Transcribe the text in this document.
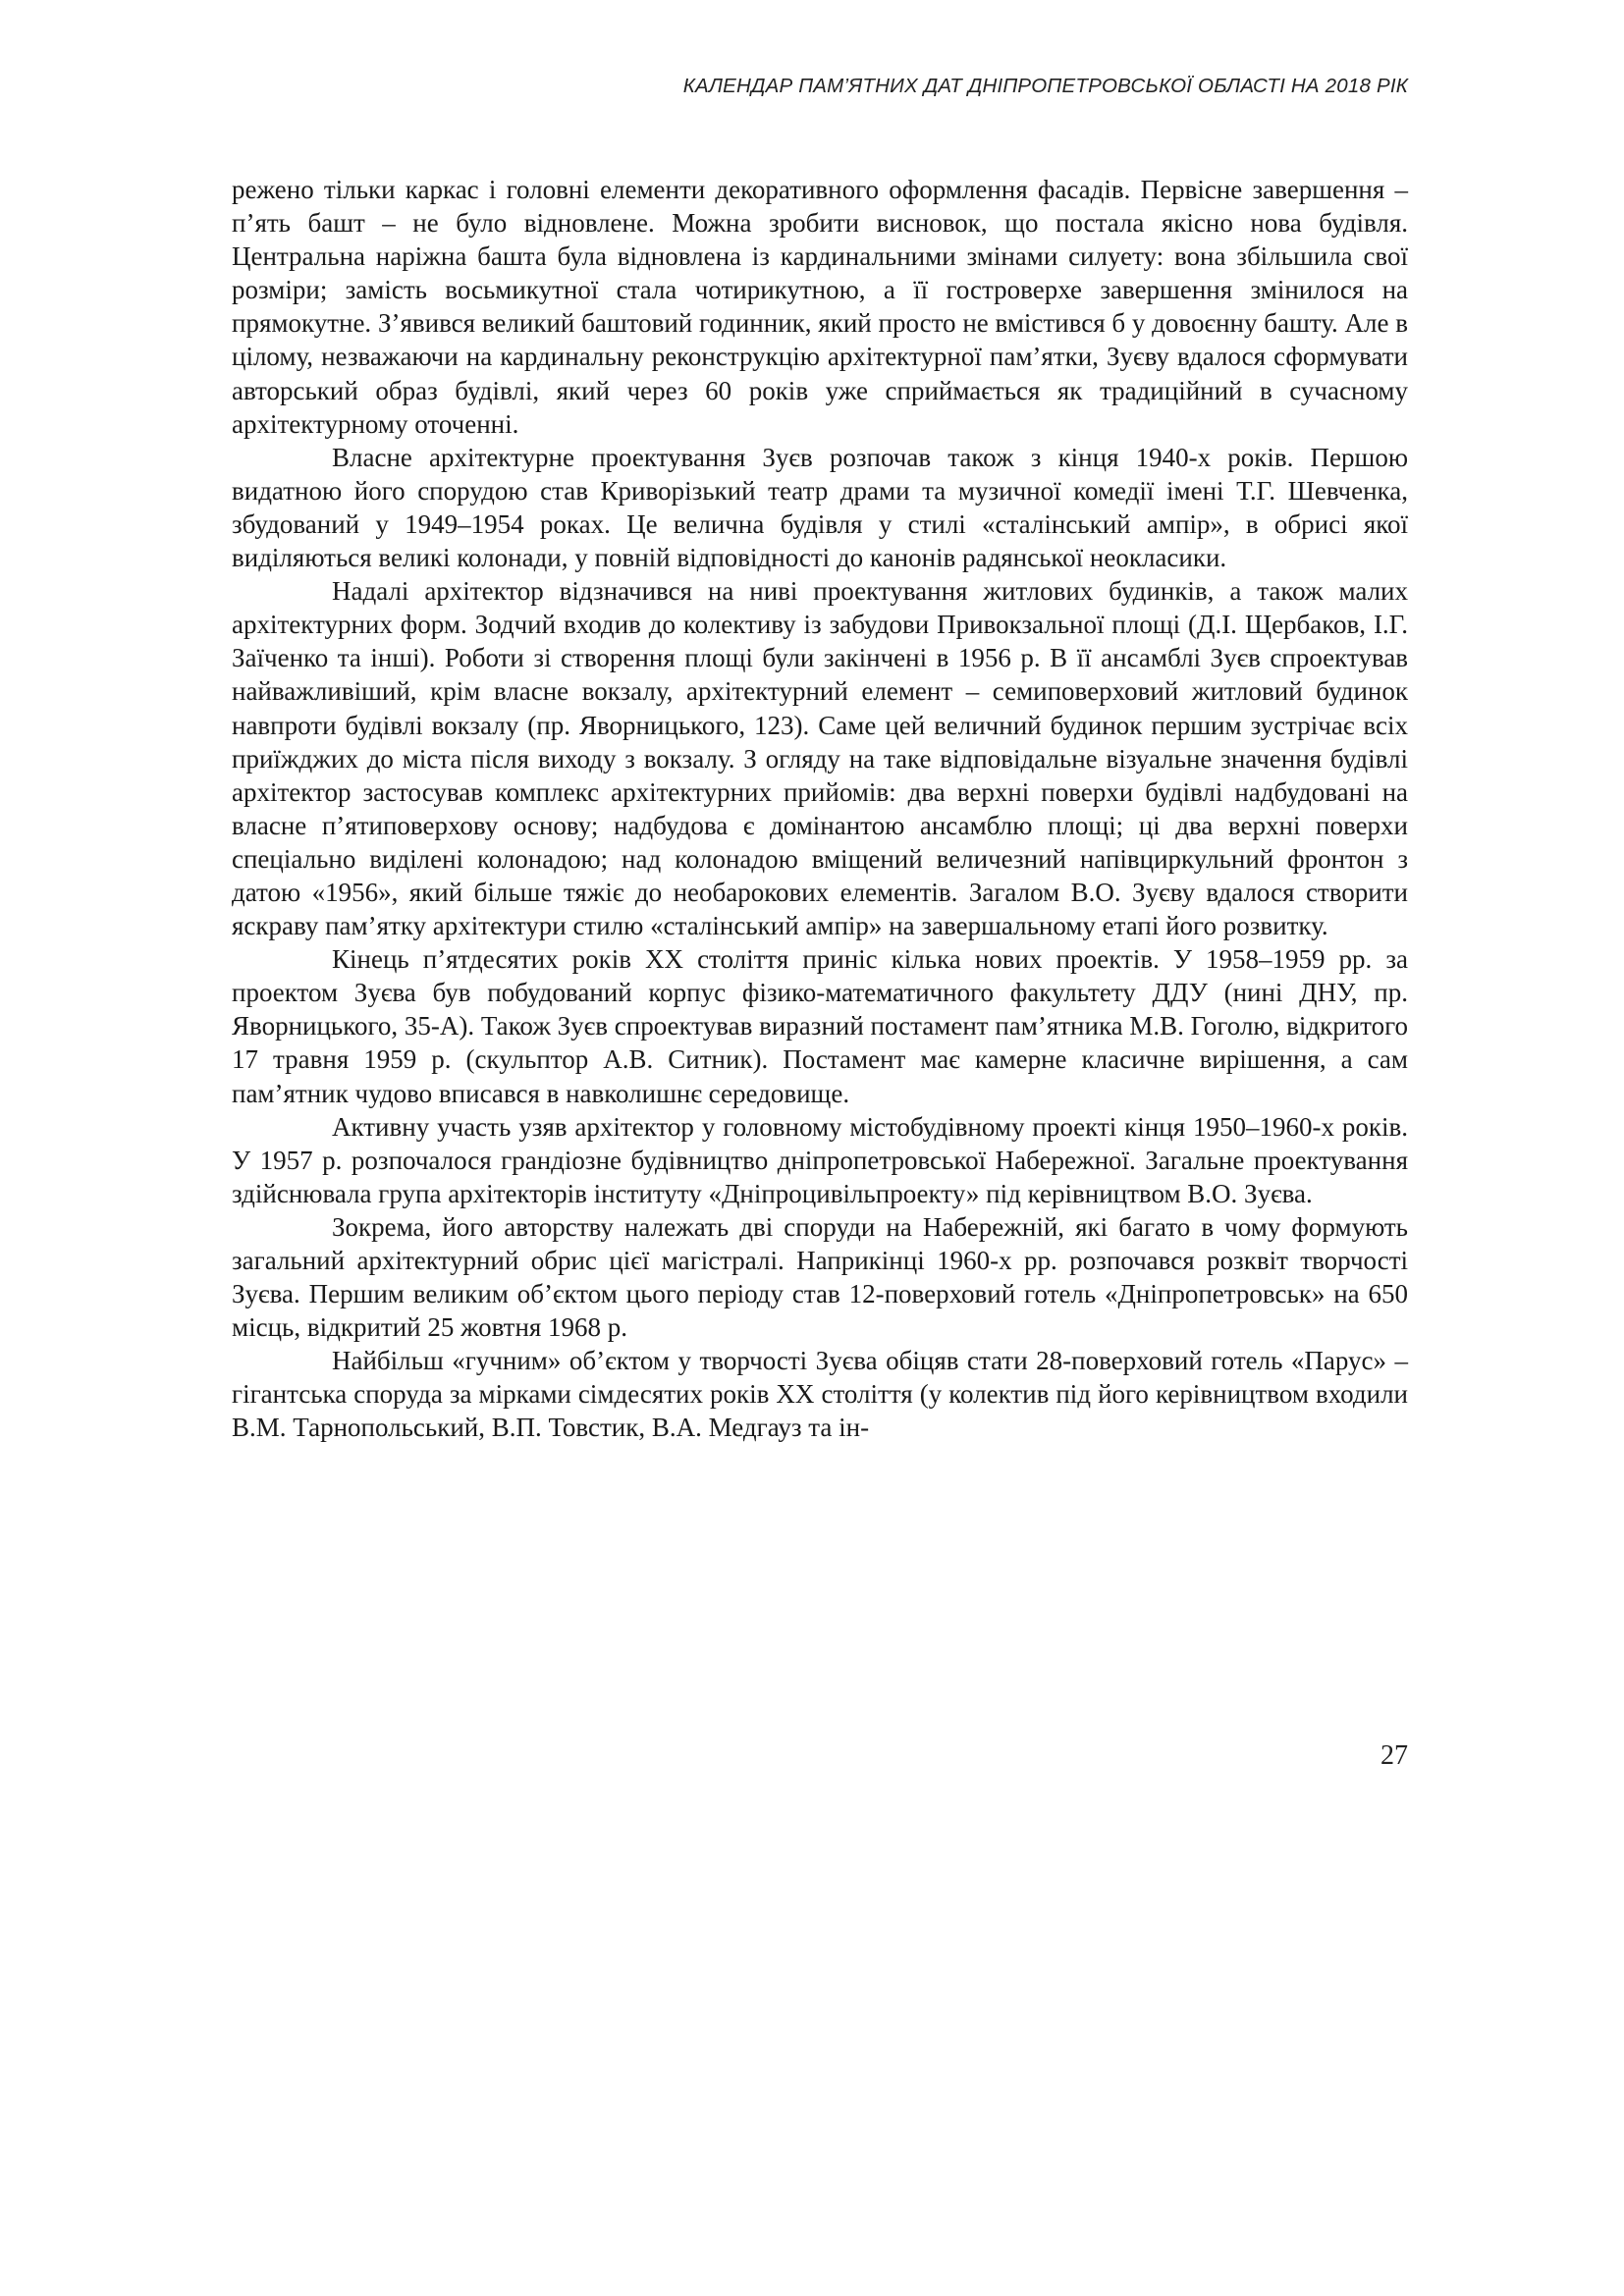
КАЛЕНДАР ПАМ’ЯТНИХ ДАТ ДНІПРОПЕТРОВСЬКОЇ ОБЛАСТІ НА 2018 РІК

режено тільки каркас і головні елементи декоративного оформлення фасадів. Первісне завершення – п’ять башт – не було відновлене. Можна зробити висновок, що постала якісно нова будівля. Центральна наріжна башта була відновлена із кардинальними змінами силуету: вона збільшила свої розміри; замість восьмикутної стала чотирикутною, а її гостроверхе завершення змінилося на прямокутне. З’явився великий баштовий годинник, який просто не вмістився б у довоєнну башту. Але в цілому, незважаючи на кардинальну реконструкцію архітектурної пам’ятки, Зуєву вдалося сформувати авторський образ будівлі, який через 60 років уже сприймається як традиційний в сучасному архітектурному оточенні.

Власне архітектурне проектування Зуєв розпочав також з кінця 1940-х років. Першою видатною його спорудою став Криворізький театр драми та музичної комедії імені Т.Г. Шевченка, збудований у 1949–1954 роках. Це велична будівля у стилі «сталінський ампір», в обрисі якої виділяються великі колонади, у повній відповідності до канонів радянської неокласики.

Надалі архітектор відзначився на ниві проектування житлових будинків, а також малих архітектурних форм. Зодчий входив до колективу із забудови Привокзальної площі (Д.І. Щербаков, І.Г. Заїченко та інші). Роботи зі створення площі були закінчені в 1956 р. В її ансамблі Зуєв спроектував найважливіший, крім власне вокзалу, архітектурний елемент – семиповерховий житловий будинок навпроти будівлі вокзалу (пр. Яворницького, 123). Саме цей величний будинок першим зустрічає всіх приїжджих до міста після виходу з вокзалу. З огляду на таке відповідальне візуальне значення будівлі архітектор застосував комплекс архітектурних прийомів: два верхні поверхи будівлі надбудовані на власне п’ятиповерхову основу; надбудова є домінантою ансамблю площі; ці два верхні поверхи спеціально виділені колонадою; над колонадою вміщений величезний напівциркульний фронтон з датою «1956», який більше тяжіє до необарокових елементів. Загалом В.О. Зуєву вдалося створити яскраву пам’ятку архітектури стилю «сталінський ампір» на завершальному етапі його розвитку.

Кінець п’ятдесятих років ХХ століття приніс кілька нових проектів. У 1958–1959 рр. за проектом Зуєва був побудований корпус фізико-математичного факультету ДДУ (нині ДНУ, пр. Яворницького, 35-А). Також Зуєв спроектував виразний постамент пам’ятника М.В. Гоголю, відкритого 17 травня 1959 р. (скульптор А.В. Ситник). Постамент має камерне класичне вирішення, а сам пам’ятник чудово вписався в навколишнє середовище.

Активну участь узяв архітектор у головному містобудівному проекті кінця 1950–1960-х років. У 1957 р. розпочалося грандіозне будівництво дніпропетровської Набережної. Загальне проектування здійснювала група архітекторів інституту «Дніпроцивільпроекту» під керівництвом В.О. Зуєва.

Зокрема, його авторству належать дві споруди на Набережній, які багато в чому формують загальний архітектурний обрис цієї магістралі. Наприкінці 1960-х рр. розпочався розквіт творчості Зуєва. Першим великим об’єктом цього періоду став 12-поверховий готель «Дніпропетровськ» на 650 місць, відкритий 25 жовтня 1968 р.

Найбільш «гучним» об’єктом у творчості Зуєва обіцяв стати 28-поверховий готель «Парус» – гігантська споруда за мірками сімдесятих років ХХ століття (у колектив під його керівництвом входили В.М. Тарнопольський, В.П. Товстик, В.А. Медгауз та ін-

27
